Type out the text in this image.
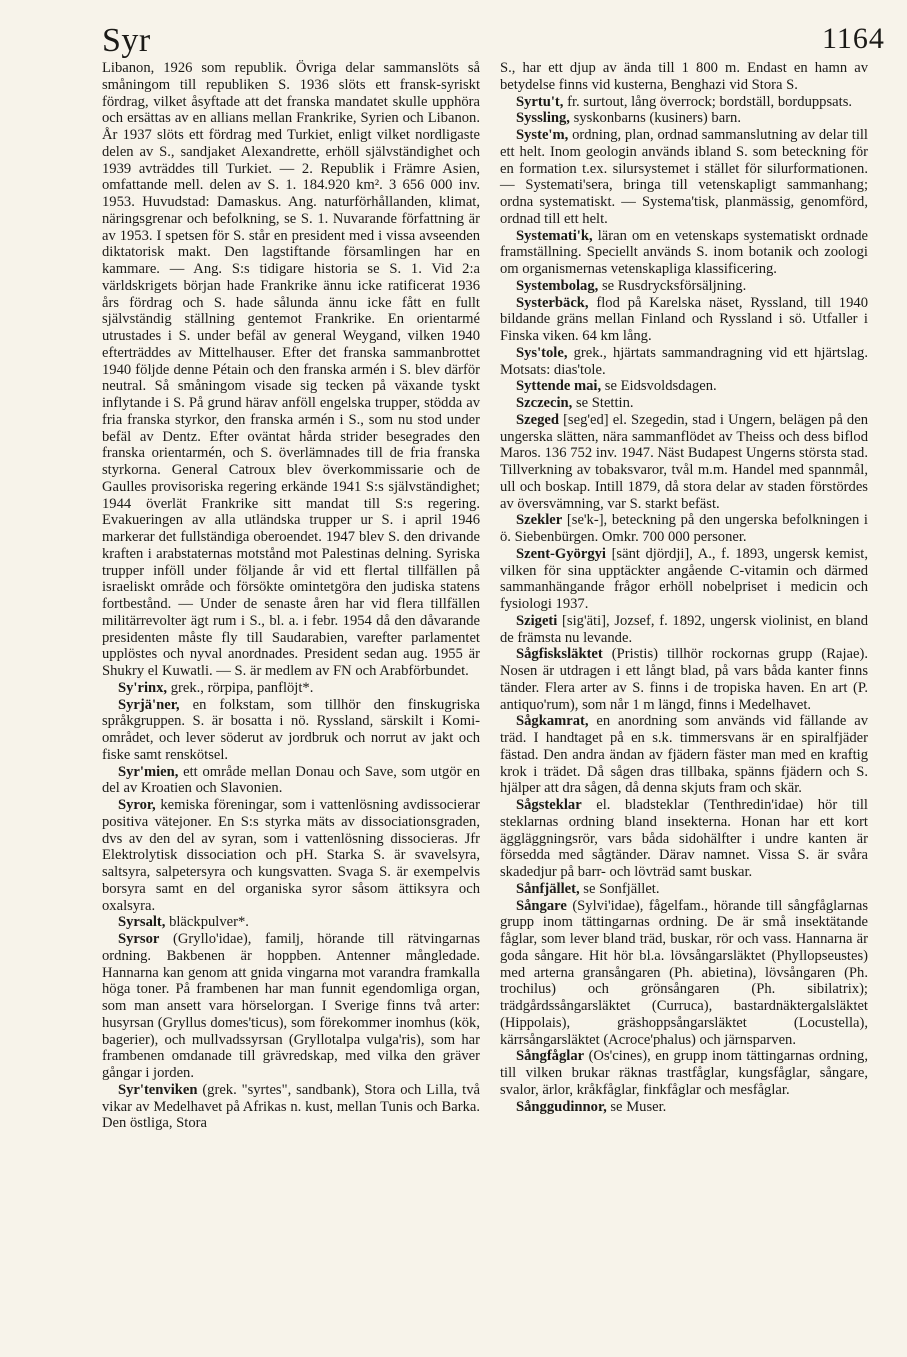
Syr	1164

Libanon, 1926 som republik. Övriga delar sammanslöts så småningom till republiken S. 1936 slöts ett fransk-syriskt fördrag, vilket åsyftade att det franska mandatet skulle upphöra och ersättas av en allians mellan Frankrike, Syrien och Libanon. År 1937 slöts ett fördrag med Turkiet, enligt vilket nordligaste delen av S., sandjaket Alexandrette, erhöll självständighet och 1939 avträddes till Turkiet. — 2. Republik i Främre Asien, omfattande mell. delen av S. 1. 184.920 km². 3 656 000 inv. 1953. Huvudstad: Damaskus. Ang. naturförhållanden, klimat, näringsgrenar och befolkning, se S. 1. Nuvarande författning är av 1953. I spetsen för S. står en president med i vissa avseenden diktatorisk makt. Den lagstiftande församlingen har en kammare. — Ang. S:s tidigare historia se S. 1. Vid 2:a världskrigets början hade Frankrike ännu icke ratificerat 1936 års fördrag och S. hade sålunda ännu icke fått en fullt självständig ställning gentemot Frankrike. En orientarmé utrustades i S. under befäl av general Weygand, vilken 1940 efterträddes av Mittelhauser. Efter det franska sammanbrottet 1940 följde denne Pétain och den franska armén i S. blev därför neutral. Så småningom visade sig tecken på växande tyskt inflytande i S. På grund härav anföll engelska trupper, stödda av fria franska styrkor, den franska armén i S., som nu stod under befäl av Dentz. Efter oväntat hårda strider besegrades den franska orientarmén, och S. överlämnades till de fria franska styrkorna. General Catroux blev överkommissarie och de Gaulles provisoriska regering erkände 1941 S:s självständighet; 1944 överlät Frankrike sitt mandat till S:s regering. Evakueringen av alla utländska trupper ur S. i april 1946 markerar det fullständiga oberoendet. 1947 blev S. den drivande kraften i arabstaternas motstånd mot Palestinas delning. Syriska trupper inföll under följande år vid ett flertal tillfällen på israeliskt område och försökte omintetgöra den judiska statens fortbestånd. — Under de senaste åren har vid flera tillfällen militärrevolter ägt rum i S., bl. a. i febr. 1954 då den dåvarande presidenten måste fly till Saudarabien, varefter parlamentet upplöstes och nyval anordnades. President sedan aug. 1955 är Shukry el Kuwatli. — S. är medlem av FN och Arabförbundet.

Sy'rinx, grek., rörpipa, panflöjt*.

Syrjä'ner, en folkstam, som tillhör den finskugriska språkgruppen. S. är bosatta i nö. Ryssland, särskilt i Komi-området, och lever söderut av jordbruk och norrut av jakt och fiske samt renskötsel.

Syr'mien, ett område mellan Donau och Save, som utgör en del av Kroatien och Slavonien.

Syror, kemiska föreningar, som i vattenlösning avdissocierar positiva vätejoner. En S:s styrka mäts av dissociationsgraden, dvs av den del av syran, som i vattenlösning dissocieras. Jfr Elektrolytisk dissociation och pH. Starka S. är svavelsyra, saltsyra, salpetersyra och kungsvatten. Svaga S. är exempelvis borsyra samt en del organiska syror såsom ättiksyra och oxalsyra.

Syrsalt, bläckpulver*.

Syrsor (Gryllo'idae), familj, hörande till rätvingarnas ordning. Bakbenen är hoppben. Antenner mångledade. Hannarna kan genom att gnida vingarna mot varandra framkalla höga toner. På frambenen har man funnit egendomliga organ, som man ansett vara hörselorgan. I Sverige finns två arter: husyrsan (Gryllus domes'ticus), som förekommer inomhus (kök, bagerier), och mullvadssyrsan (Gryllotalpa vulga'ris), som har frambenen omdanade till grävredskap, med vilka den gräver gångar i jorden.

Syr'tenviken (grek. "syrtes", sandbank), Stora och Lilla, två vikar av Medelhavet på Afrikas n. kust, mellan Tunis och Barka. Den östliga, Stora

S., har ett djup av ända till 1 800 m. Endast en hamn av betydelse finns vid kusterna, Benghazi vid Stora S.

Syrtu't, fr. surtout, lång överrock; bordställ, borduppsats.

Syssling, syskonbarns (kusiners) barn.

Syste'm, ordning, plan, ordnad sammanslutning av delar till ett helt. Inom geologin används ibland S. som beteckning för en formation t.ex. silursystemet i stället för silurformationen. — Systemati'sera, bringa till vetenskapligt sammanhang; ordna systematiskt. — Systema'tisk, planmässig, genomförd, ordnad till ett helt.

Systemati'k, läran om en vetenskaps systematiskt ordnade framställning. Speciellt används S. inom botanik och zoologi om organismernas vetenskapliga klassificering.

Systembolag, se Rusdrycksförsäljning.

Systerbäck, flod på Karelska näset, Ryssland, till 1940 bildande gräns mellan Finland och Ryssland i sö. Utfaller i Finska viken. 64 km lång.

Sys'tole, grek., hjärtats sammandragning vid ett hjärtslag. Motsats: dias'tole.

Syttende mai, se Eidsvoldsdagen.

Szczecin, se Stettin.

Szeged [seg'ed] el. Szegedin, stad i Ungern, belägen på den ungerska slätten, nära sammanflödet av Theiss och dess biflod Maros. 136 752 inv. 1947. Näst Budapest Ungerns största stad. Tillverkning av tobaksvaror, tvål m.m. Handel med spannmål, ull och boskap. Intill 1879, då stora delar av staden förstördes av översvämning, var S. starkt befäst.

Szekler [se'k-], beteckning på den ungerska befolkningen i ö. Siebenbürgen. Omkr. 700 000 personer.

Szent-Györgyi [sänt djördji], A., f. 1893, ungersk kemist, vilken för sina upptäckter angående C-vitamin och därmed sammanhängande frågor erhöll nobelpriset i medicin och fysiologi 1937.

Szigeti [sig'äti], Jozsef, f. 1892, ungersk violinist, en bland de främsta nu levande.

Sågfisksläktet (Pristis) tillhör rockornas grupp (Rajae). Nosen är utdragen i ett långt blad, på vars båda kanter finns tänder. Flera arter av S. finns i de tropiska haven. En art (P. antiquo'rum), som når 1 m längd, finns i Medelhavet.

Sågkamrat, en anordning som används vid fällande av träd. I handtaget på en s.k. timmersvans är en spiralfjäder fästad. Den andra ändan av fjädern fäster man med en kraftig krok i trädet. Då sågen dras tillbaka, spänns fjädern och S. hjälper att dra sågen, då denna skjuts fram och skär.

Sågsteklar el. bladsteklar (Tenthredin'idae) hör till steklarnas ordning bland insekterna. Honan har ett kort äggläggningsrör, vars båda sidohälfter i undre kanten är försedda med sågtänder. Därav namnet. Vissa S. är svåra skadedjur på barr- och lövträd samt buskar.

Sånfjället, se Sonfjället.

Sångare (Sylvi'idae), fågelfam., hörande till sångfåglarnas grupp inom tättingarnas ordning. De är små insektätande fåglar, som lever bland träd, buskar, rör och vass. Hannarna är goda sångare. Hit hör bl.a. lövsångarsläktet (Phyllopseustes) med arterna gransångaren (Ph. abietina), lövsångaren (Ph. trochilus) och grönsångaren (Ph. sibilatrix); trädgårdssångarsläktet (Curruca), bastardnäktergalsläktet (Hippolais), gräshoppsångarsläktet (Locustella), kärrsångarsläktet (Acroce'phalus) och järnsparven.

Sångfåglar (Os'cines), en grupp inom tättingarnas ordning, till vilken brukar räknas trastfåglar, kungsfåglar, sångare, svalor, ärlor, kråkfåglar, finkfåglar och mesfåglar.

Sånggudinnor, se Muser.
